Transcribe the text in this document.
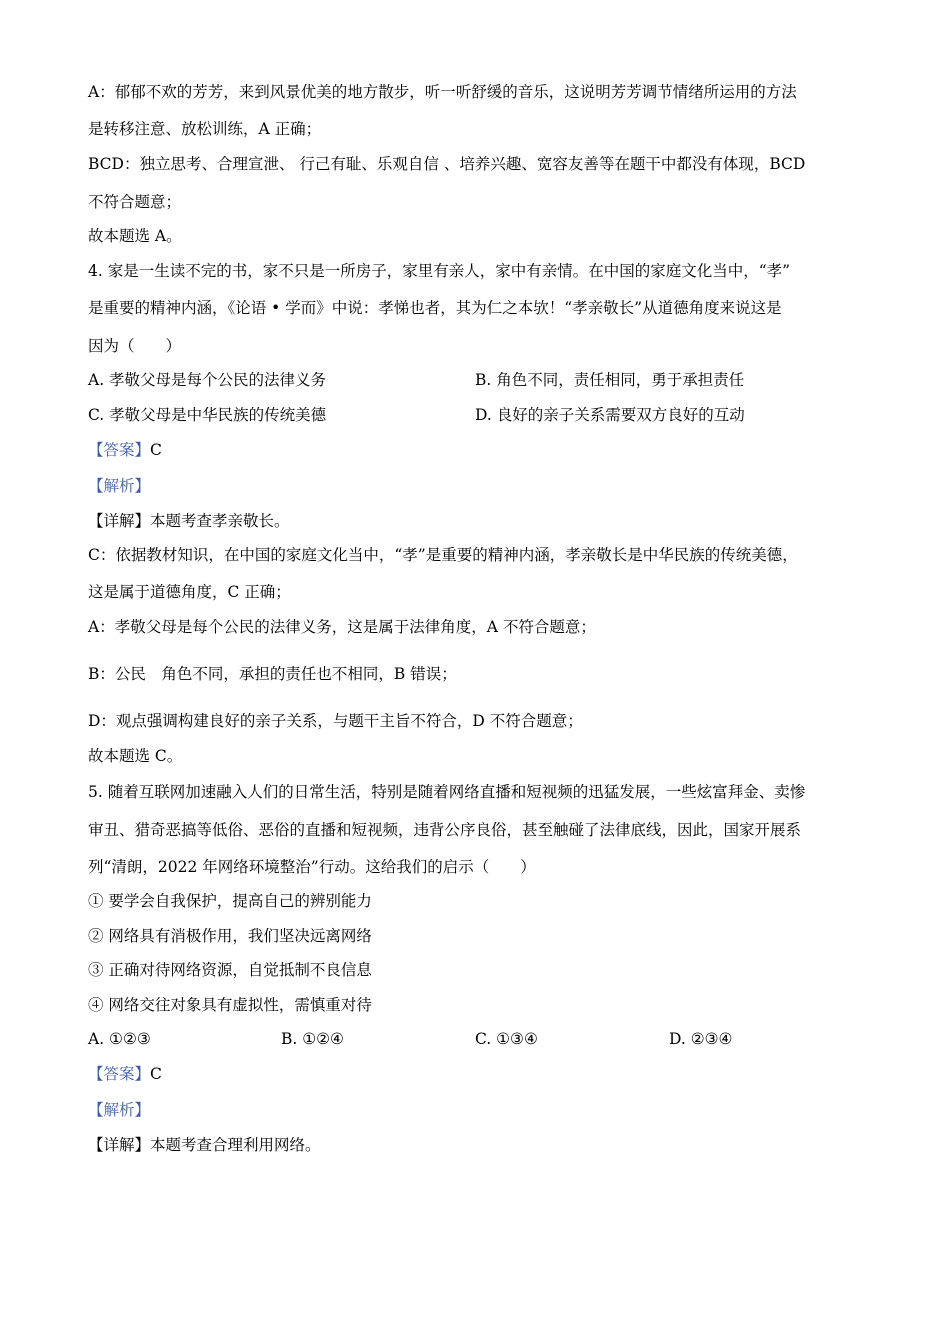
A：郁郁不欢的芳芳，来到风景优美的地方散步，听一听舒缓的音乐，这说明芳芳调节情绪所运用的方法
是转移注意、放松训练，A 正确；
BCD：独立思考、合理宣泄、 行己有耻、乐观自信 、培养兴趣、宽容友善等在题干中都没有体现，BCD
不符合题意；
故本题选 A。
4. 家是一生读不完的书，家不只是一所房子，家里有亲人，家中有亲情。在中国的家庭文化当中，“孝”
是重要的精神内涵，《论语 • 学而》中说：孝悌也者，其为仁之本欤！“孝亲敬长”从道德角度来说这是
因为（　　）
A. 孝敬父母是每个公民的法律义务	B. 角色不同，责任相同，勇于承担责任
C. 孝敬父母是中华民族的传统美德	D. 良好的亲子关系需要双方良好的互动
【答案】C
【解析】
【详解】本题考查孝亲敬长。
C：依据教材知识，在中国的家庭文化当中，“孝”是重要的精神内涵，孝亲敬长是中华民族的传统美德，
这是属于道德角度，C 正确；
A：孝敬父母是每个公民的法律义务，这是属于法律角度，A 不符合题意；
B：公民　角色不同，承担的责任也不相同，B 错误；
D：观点强调构建良好的亲子关系，与题干主旨不符合，D 不符合题意；
故本题选 C。
5. 随着互联网加速融入人们的日常生活，特别是随着网络直播和短视频的迅猛发展，一些炫富拜金、卖惨
审丑、猎奇恶搞等低俗、恶俗的直播和短视频，违背公序良俗，甚至触碰了法律底线，因此，国家开展系
列“清朗，2022 年网络环境整治”行动。这给我们的启示（　　）
① 要学会自我保护，提高自己的辨别能力
② 网络具有消极作用，我们坚决远离网络
③ 正确对待网络资源，自觉抵制不良信息
④ 网络交往对象具有虚拟性，需慎重对待
A. ①②③	B. ①②④	C. ①③④	D. ②③④
【答案】C
【解析】
【详解】本题考查合理利用网络。
